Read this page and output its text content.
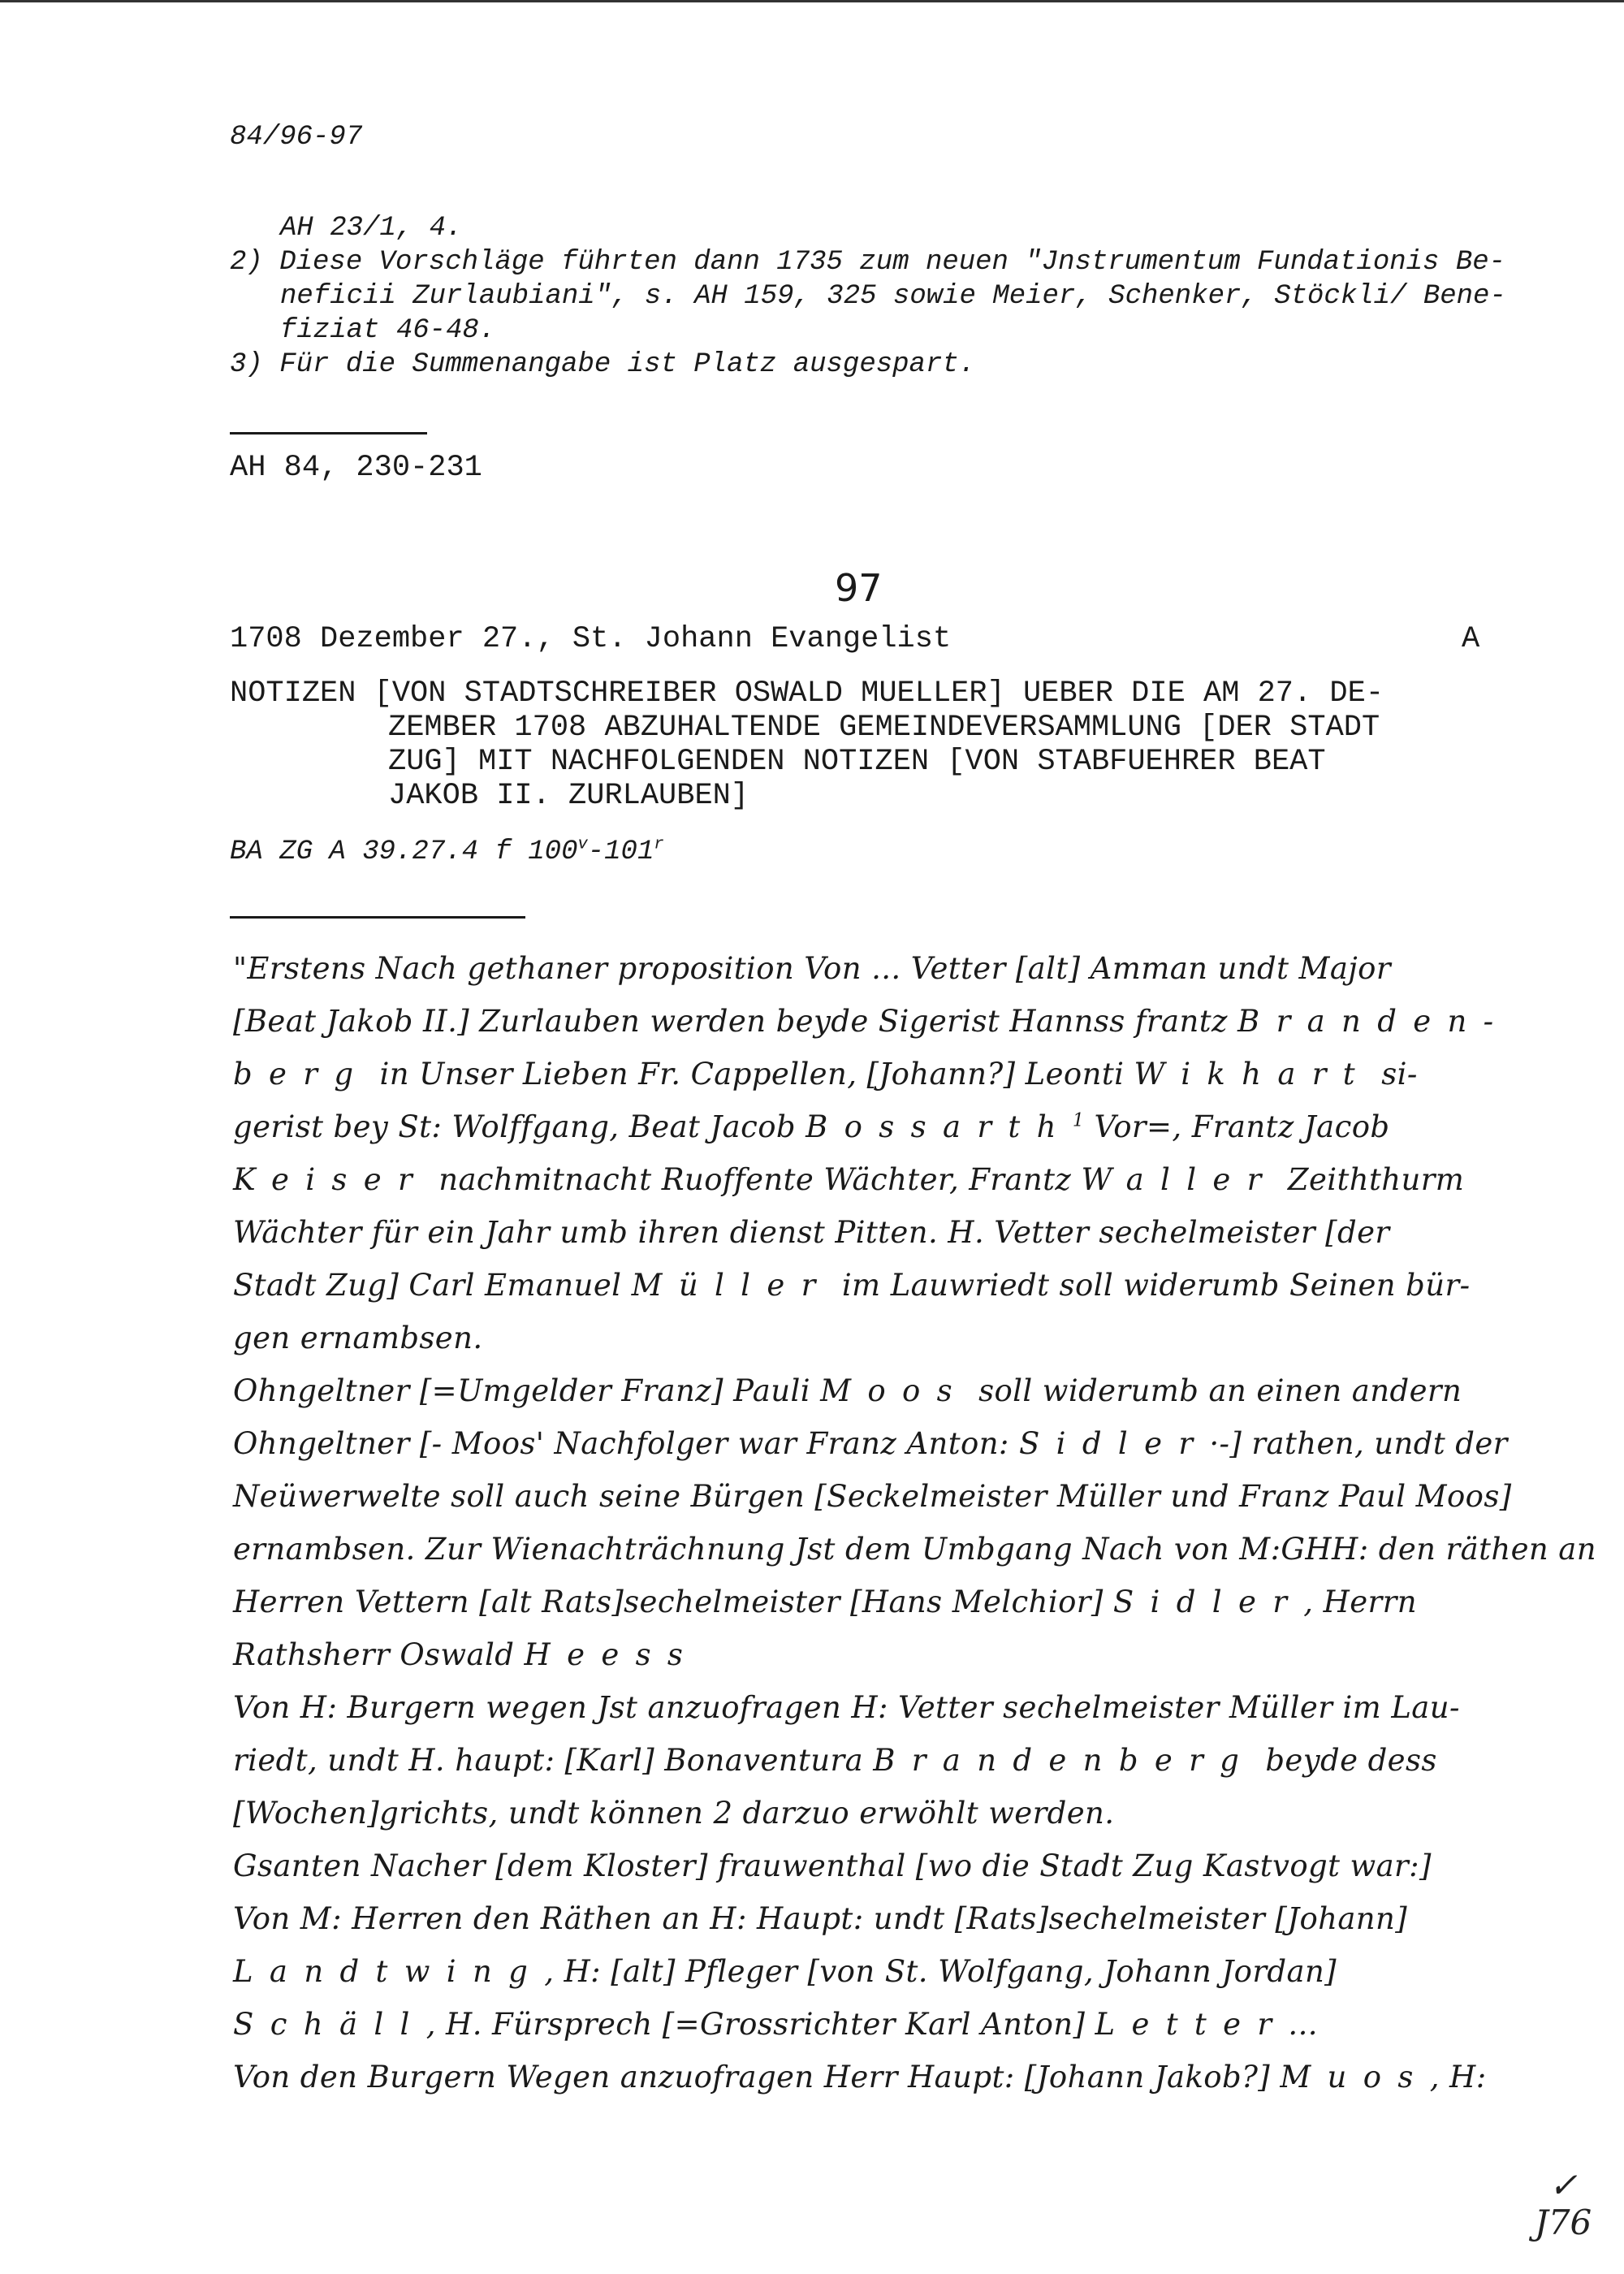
84/96-97
AH 23/1, 4.
2) Diese Vorschläge führten dann 1735 zum neuen "Jnstrumentum Fundationis Be-
neficii Zurlaubiani", s. AH 159, 325 sowie Meier, Schenker, Stöckli/ Bene-
fiziat 46-48.
3) Für die Summenangabe ist Platz ausgespart.
AH 84, 230-231
97
1708 Dezember 27., St. Johann Evangelist	A
NOTIZEN [VON STADTSCHREIBER OSWALD MUELLER] UEBER DIE AM 27. DE-
ZEMBER 1708 ABZUHALTENDE GEMEINDEVERSAMMLUNG [DER STADT
ZUG] MIT NACHFOLGENDEN NOTIZEN [VON STABFUEHRER BEAT
JAKOB II. ZURLAUBEN]
BA ZG A 39.27.4 f 100$^v$-101$^r$
"Erstens Nach gethaner proposition Von ... Vetter [alt] Amman undt Major
[Beat Jakob II.] Zurlauben werden beyde Sigerist Hannss frantz Branden-
berg in Unser Lieben Fr. Cappellen, [Johann?] Leonti Wikhart si-
gerist bey St: Wolffgang, Beat Jacob Bossarth$^1$ Vor=, Frantz Jacob
Keiser nachmitnacht Ruoffente Wächter, Frantz Waller Zeiththurm
Wächter für ein Jahr umb ihren dienst Pitten. H. Vetter sechelmeister [der
Stadt Zug] Carl Emanuel Müller im Lauwriedt soll widerumb Seinen bür-
gen ernambsen.
Ohngeltner [=Umgelder Franz] Pauli Moos soll widerumb an einen andern
Ohngeltner [- Moos' Nachfolger war Franz Anton: Sidler·-] rathen, undt der
Neüwerwelte soll auch seine Bürgen [Seckelmeister Müller und Franz Paul Moos]
ernambsen. Zur Wienachträchnung Jst dem Umbgang Nach von M:GHH: den räthen an
Herren Vettern [alt Rats]sechelmeister [Hans Melchior] Sidler, Herrn
Rathsherr Oswald Heess
Von H: Burgern wegen Jst anzuofragen H: Vetter sechelmeister Müller im Lau-
riedt, undt H. haupt: [Karl] Bonaventura Brandenberg beyde dess
[Wochen]grichts, undt können 2 darzuo erwöhlt werden.
Gsanten Nacher [dem Kloster] frauwenthal [wo die Stadt Zug Kastvogt war:]
Von M: Herren den Räthen an H: Haupt: undt [Rats]sechelmeister [Johann]
Landtwing, H: [alt] Pfleger [von St. Wolfgang, Johann Jordan]
Schäll, H. Fürsprech [=Grossrichter Karl Anton] Letter...
Von den Burgern Wegen anzuofragen Herr Haupt: [Johann Jakob?] Muos, H:
✓
J76
